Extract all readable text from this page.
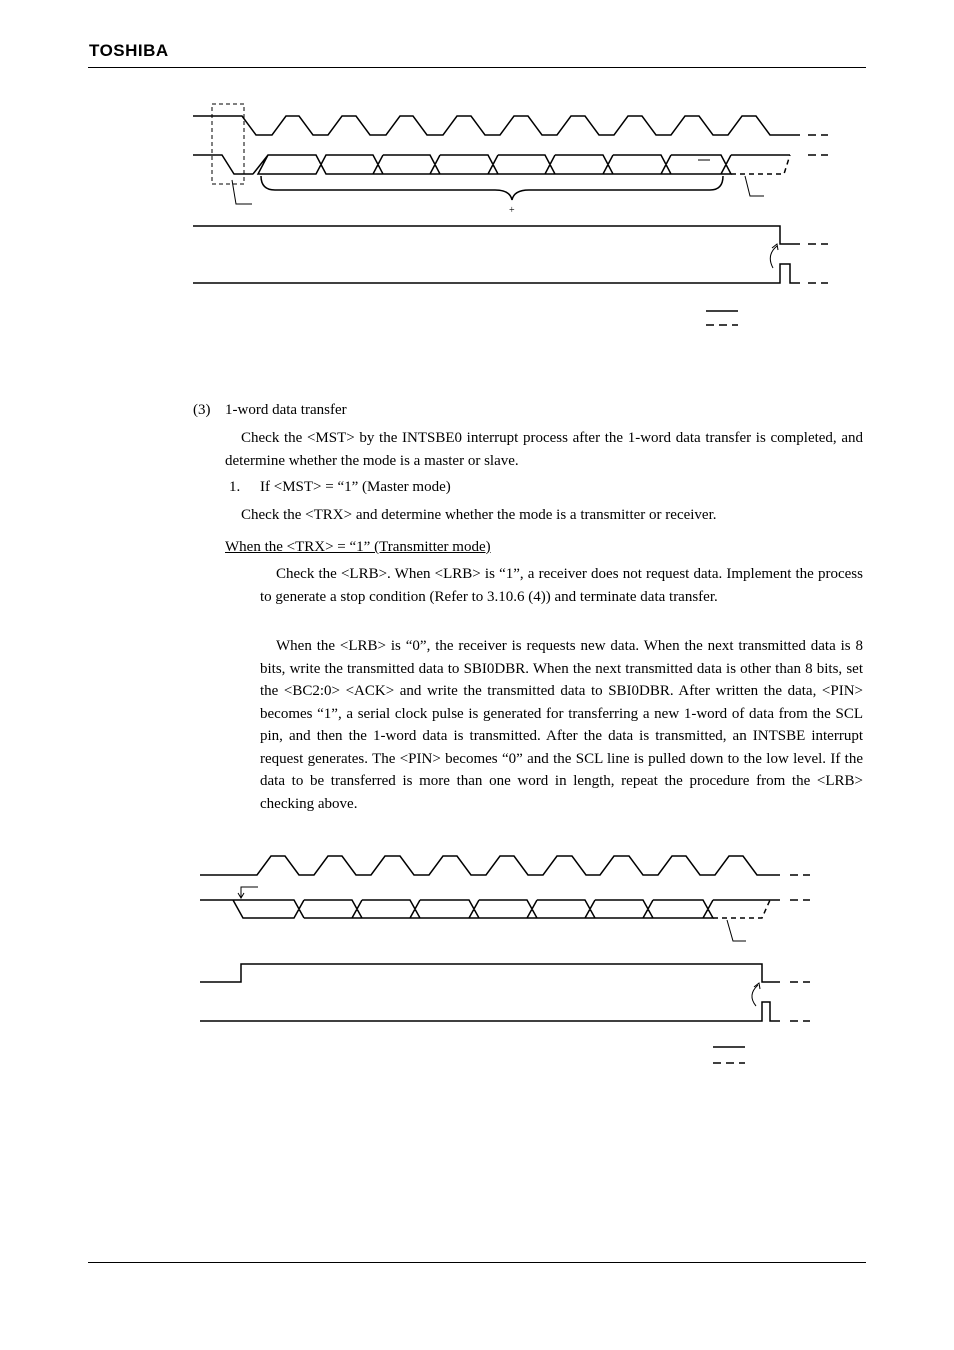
TOSHIBA
+
(3) 1-word data transfer
Check the <MST> by the INTSBE0 interrupt process after the 1-word data transfer is completed, and determine whether the mode is a master or slave.
1. If <MST> = “1” (Master mode)
Check the <TRX> and determine whether the mode is a transmitter or receiver.
When the <TRX> = “1” (Transmitter mode)
Check the <LRB>. When <LRB> is “1”, a receiver does not request data. Implement the process to generate a stop condition (Refer to 3.10.6 (4)) and terminate data transfer.
When the <LRB> is “0”, the receiver is requests new data. When the next transmitted data is 8 bits, write the transmitted data to SBI0DBR. When the next transmitted data is other than 8 bits, set the <BC2:0> <ACK> and write the transmitted data to SBI0DBR. After written the data, <PIN> becomes “1”, a serial clock pulse is generated for transferring a new 1-word of data from the SCL pin, and then the 1-word data is transmitted. After the data is transmitted, an INTSBE interrupt request generates. The <PIN> becomes “0” and the SCL line is pulled down to the low level. If the data to be transferred is more than one word in length, repeat the procedure from the <LRB> checking above.
